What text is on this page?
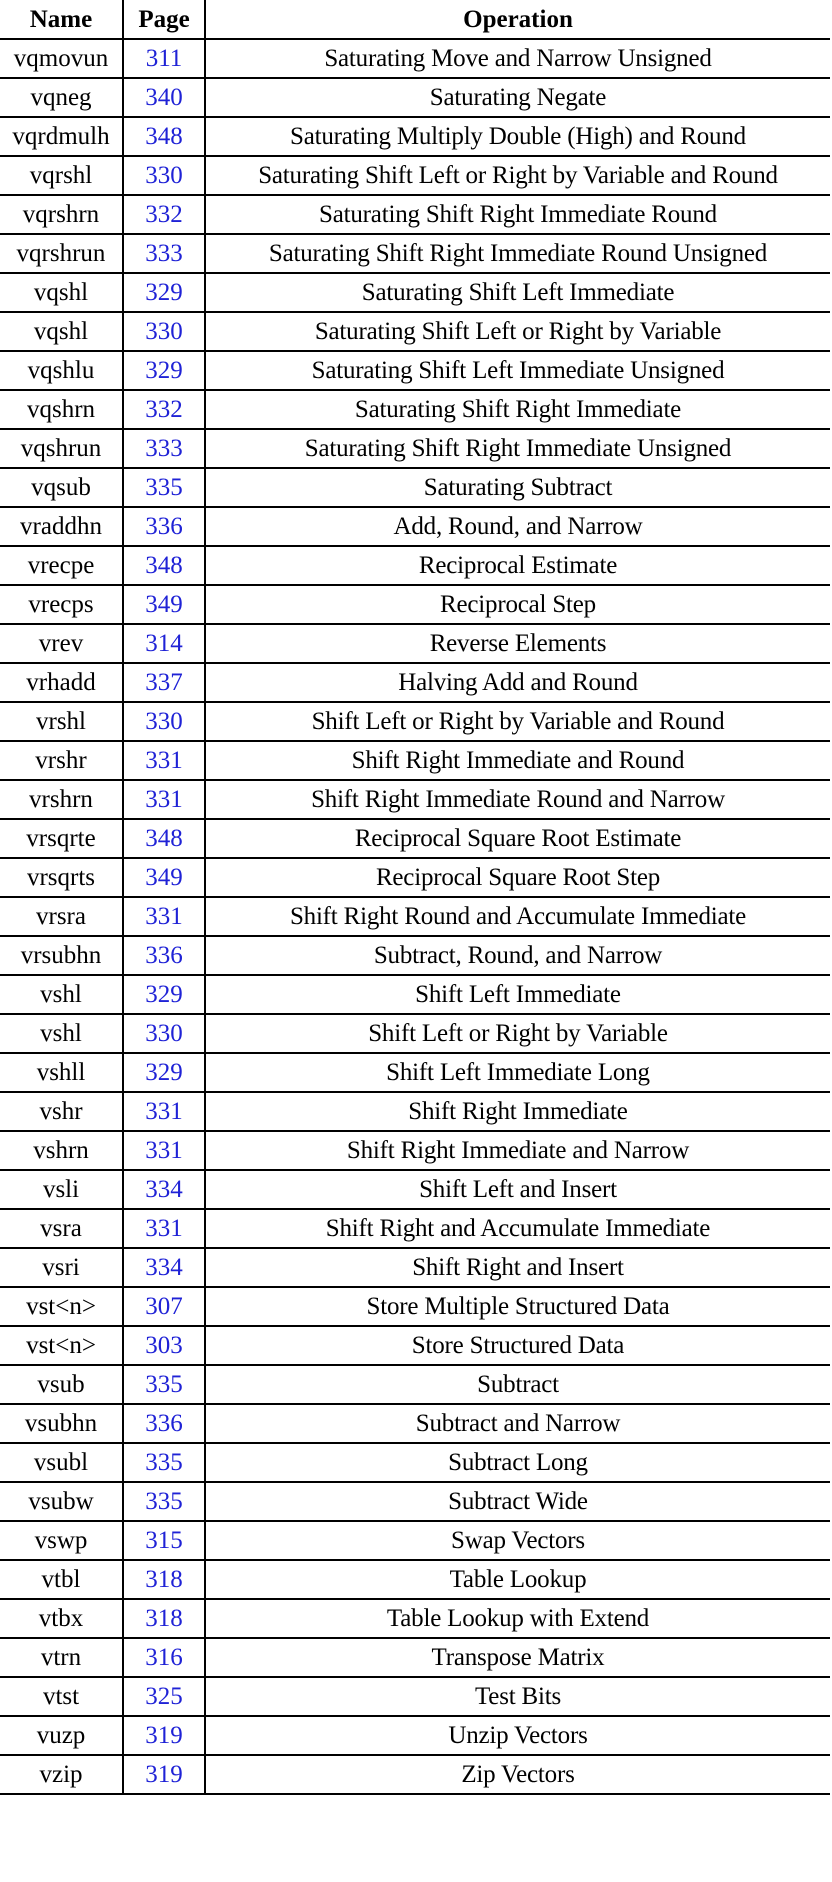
Name	Page	Operation
vqmovun	311	Saturating Move and Narrow Unsigned
vqneg	340	Saturating Negate
vqrdmulh	348	Saturating Multiply Double (High) and Round
vqrshl	330	Saturating Shift Left or Right by Variable and Round
vqrshrn	332	Saturating Shift Right Immediate Round
vqrshrun	333	Saturating Shift Right Immediate Round Unsigned
vqshl	329	Saturating Shift Left Immediate
vqshl	330	Saturating Shift Left or Right by Variable
vqshlu	329	Saturating Shift Left Immediate Unsigned
vqshrn	332	Saturating Shift Right Immediate
vqshrun	333	Saturating Shift Right Immediate Unsigned
vqsub	335	Saturating Subtract
vraddhn	336	Add, Round, and Narrow
vrecpe	348	Reciprocal Estimate
vrecps	349	Reciprocal Step
vrev	314	Reverse Elements
vrhadd	337	Halving Add and Round
vrshl	330	Shift Left or Right by Variable and Round
vrshr	331	Shift Right Immediate and Round
vrshrn	331	Shift Right Immediate Round and Narrow
vrsqrte	348	Reciprocal Square Root Estimate
vrsqrts	349	Reciprocal Square Root Step
vrsra	331	Shift Right Round and Accumulate Immediate
vrsubhn	336	Subtract, Round, and Narrow
vshl	329	Shift Left Immediate
vshl	330	Shift Left or Right by Variable
vshll	329	Shift Left Immediate Long
vshr	331	Shift Right Immediate
vshrn	331	Shift Right Immediate and Narrow
vsli	334	Shift Left and Insert
vsra	331	Shift Right and Accumulate Immediate
vsri	334	Shift Right and Insert
vst<n>	307	Store Multiple Structured Data
vst<n>	303	Store Structured Data
vsub	335	Subtract
vsubhn	336	Subtract and Narrow
vsubl	335	Subtract Long
vsubw	335	Subtract Wide
vswp	315	Swap Vectors
vtbl	318	Table Lookup
vtbx	318	Table Lookup with Extend
vtrn	316	Transpose Matrix
vtst	325	Test Bits
vuzp	319	Unzip Vectors
vzip	319	Zip Vectors
